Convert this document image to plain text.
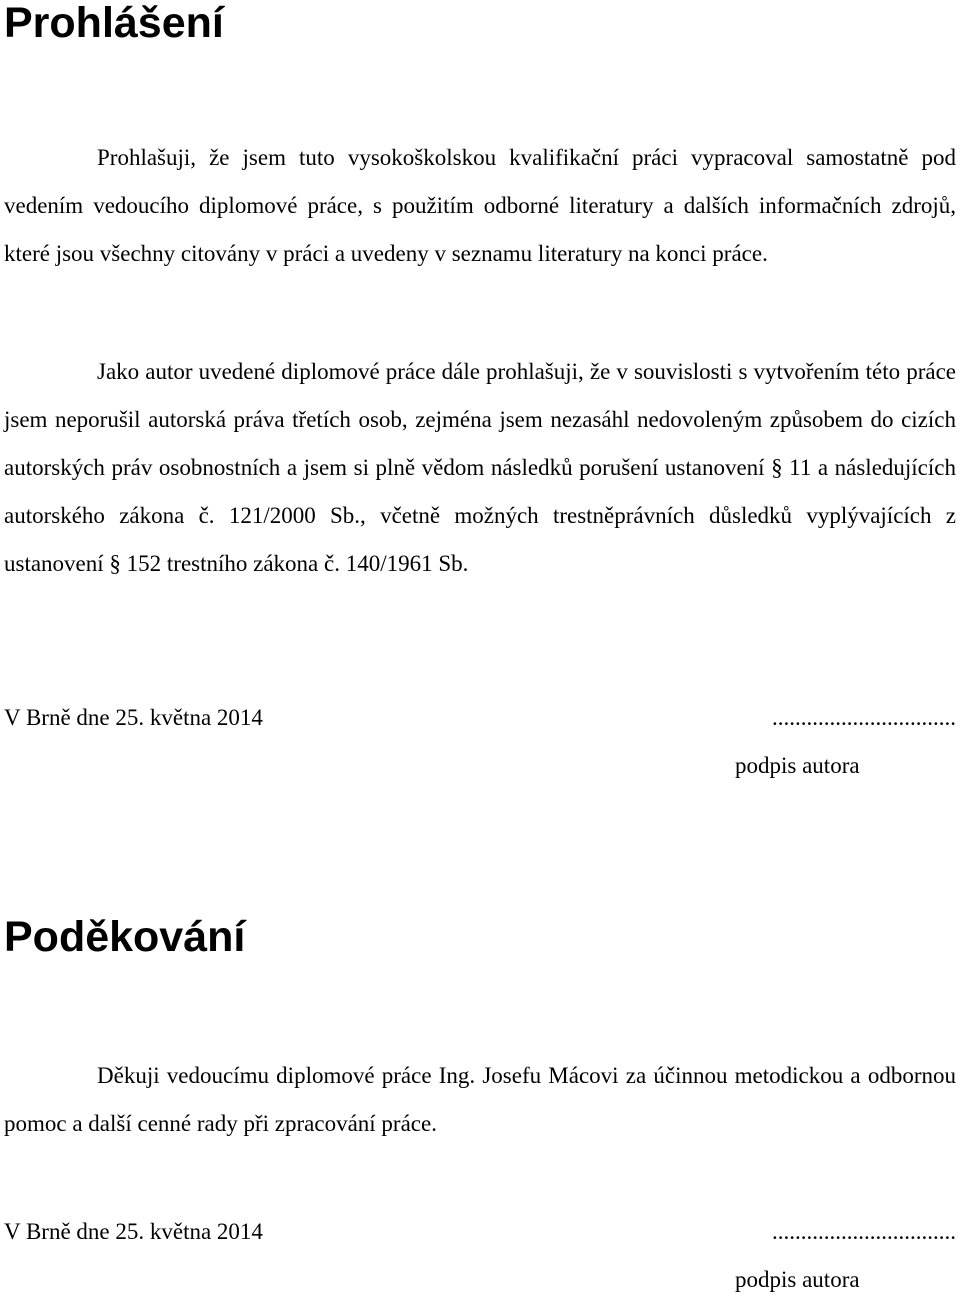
Prohlášení

Prohlašuji, že jsem tuto vysokoškolskou kvalifikační práci vypracoval samostatně pod vedením vedoucího diplomové práce, s použitím odborné literatury a dalších informačních zdrojů, které jsou všechny citovány v práci a uvedeny v seznamu literatury na konci práce.

Jako autor uvedené diplomové práce dále prohlašuji, že v souvislosti s vytvořením této práce jsem neporušil autorská práva třetích osob, zejména jsem nezasáhl nedovoleným způsobem do cizích autorských práv osobnostních a jsem si plně vědom následků porušení ustanovení § 11 a následujících autorského zákona č. 121/2000 Sb., včetně možných trestněprávních důsledků vyplývajících z ustanovení § 152 trestního zákona č. 140/1961 Sb.

V Brně dne 25. května 2014	................................
podpis autora
Poděkování

Děkuji vedoucímu diplomové práce Ing. Josefu Mácovi za účinnou metodickou a odbornou pomoc a další cenné rady při zpracování práce.

V Brně dne 25. května 2014	................................
podpis autora
